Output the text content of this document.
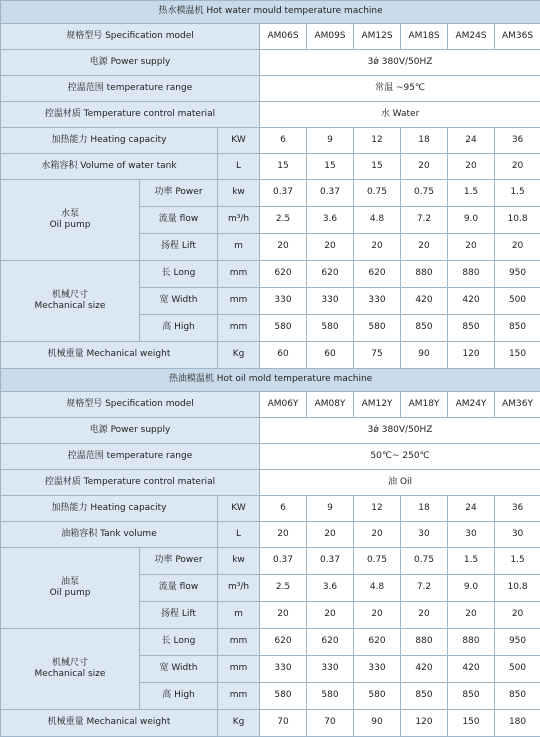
热水模温机 Hot water mould temperature machine								
规格型号 Specification model			AM06S	AM09S	AM12S	AM18S	AM24S	AM36S
电源 Power supply			3ǿ 380V/50HZ					
控温范围 temperature range			常温 ~95℃					
控温材质 Temperature control material			水 Water					
加热能力 Heating capacity		KW	6	9	12	18	24	36
水箱容积 Volume of water tank		L	15	15	15	20	20	20
水泵
Oil pump	功率 Power	kw	0.37	0.37	0.75	0.75	1.5	1.5
	流量 flow	m³/h	2.5	3.6	4.8	7.2	9.0	10.8
	扬程 Lift	m	20	20	20	20	20	20
机械尺寸
Mechanical size	长 Long	mm	620	620	620	880	880	950
	宽 Width	mm	330	330	330	420	420	500
	高 High	mm	580	580	580	850	850	850
机械重量 Mechanical weight		Kg	60	60	75	90	120	150
热油模温机 Hot oil mold temperature machine								
规格型号 Specification model			AM06Y	AM08Y	AM12Y	AM18Y	AM24Y	AM36Y
电源 Power supply			3ǿ 380V/50HZ					
控温范围 temperature range			50℃~ 250℃					
控温材质 Temperature control material			油 Oil					
加热能力 Heating capacity		KW	6	9	12	18	24	36
油箱容积 Tank volume		L	20	20	20	30	30	30
油泵
Oil pump	功率 Power	kw	0.37	0.37	0.75	0.75	1.5	1.5
	流量 flow	m³/h	2.5	3.6	4.8	7.2	9.0	10.8
	扬程 Lift	m	20	20	20	20	20	20
机械尺寸
Mechanical size	长 Long	mm	620	620	620	880	880	950
	宽 Width	mm	330	330	330	420	420	500
	高 High	mm	580	580	580	850	850	850
机械重量 Mechanical weight		Kg	70	70	90	120	150	180
